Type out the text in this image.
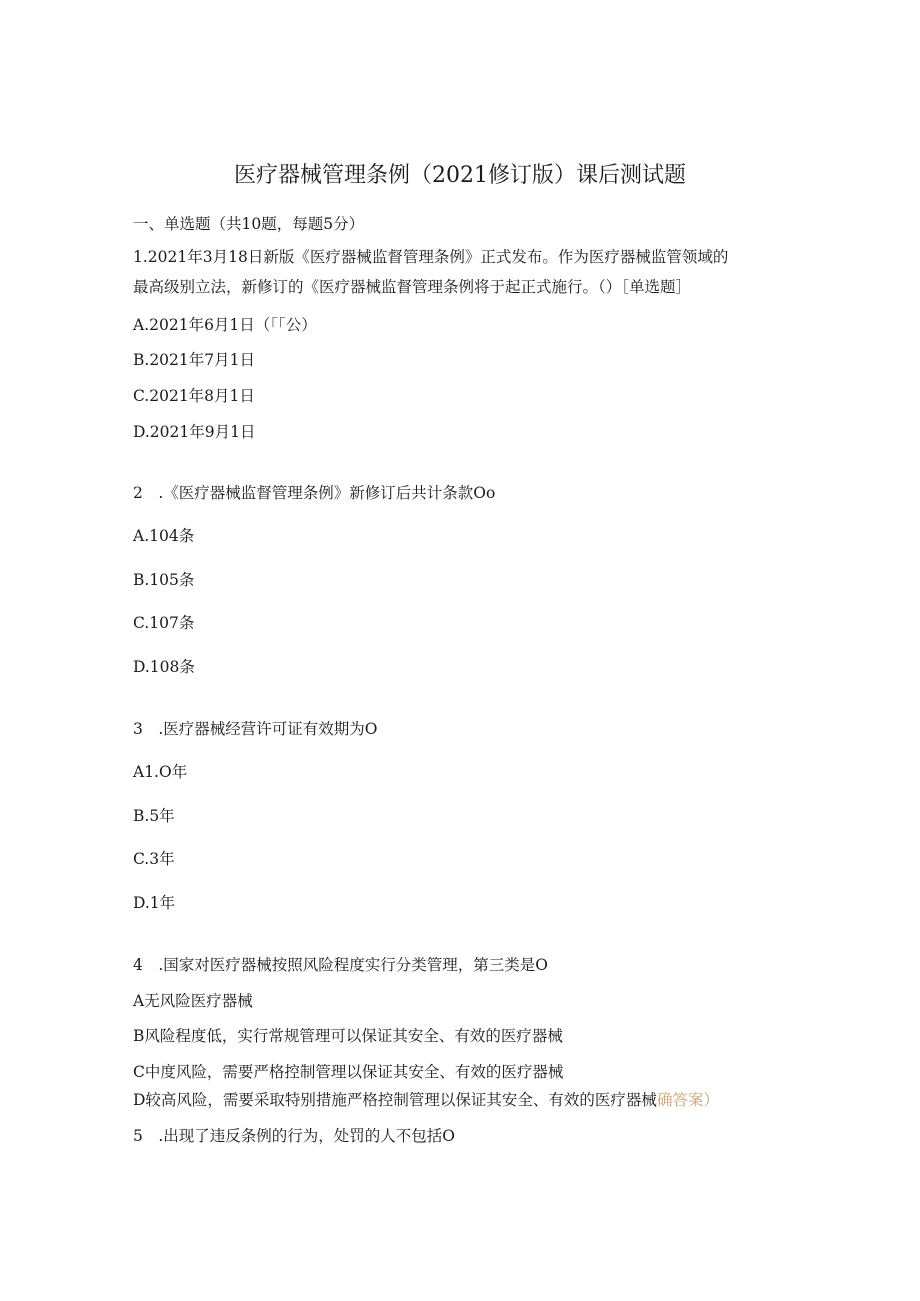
医疗器械管理条例（2021修订版）课后测试题
一、单选题（共10题，每题5分）
1.2021年3月18日新版《医疗器械监督管理条例》正式发布。作为医疗器械监管领域的
最高级别立法，新修订的《医疗器械监督管理条例将于起正式施行。（）［单选题］
A.2021年6月1日（「「公）
B.2021年7月1日
C.2021年8月1日
D.2021年9月1日
2　.《医疗器械监督管理条例》新修订后共计条款Oo
A.104条
B.105条
C.107条
D.108条
3　.医疗器械经营许可证有效期为O
A1.O年
B.5年
C.3年
D.1年
4　.国家对医疗器械按照风险程度实行分类管理，第三类是O
A无风险医疗器械
B风险程度低，实行常规管理可以保证其安全、有效的医疗器械
C中度风险，需要严格控制管理以保证其安全、有效的医疗器械
D较高风险，需要采取特别措施严格控制管理以保证其安全、有效的医疗器械确答案）
5　.出现了违反条例的行为，处罚的人不包括O
